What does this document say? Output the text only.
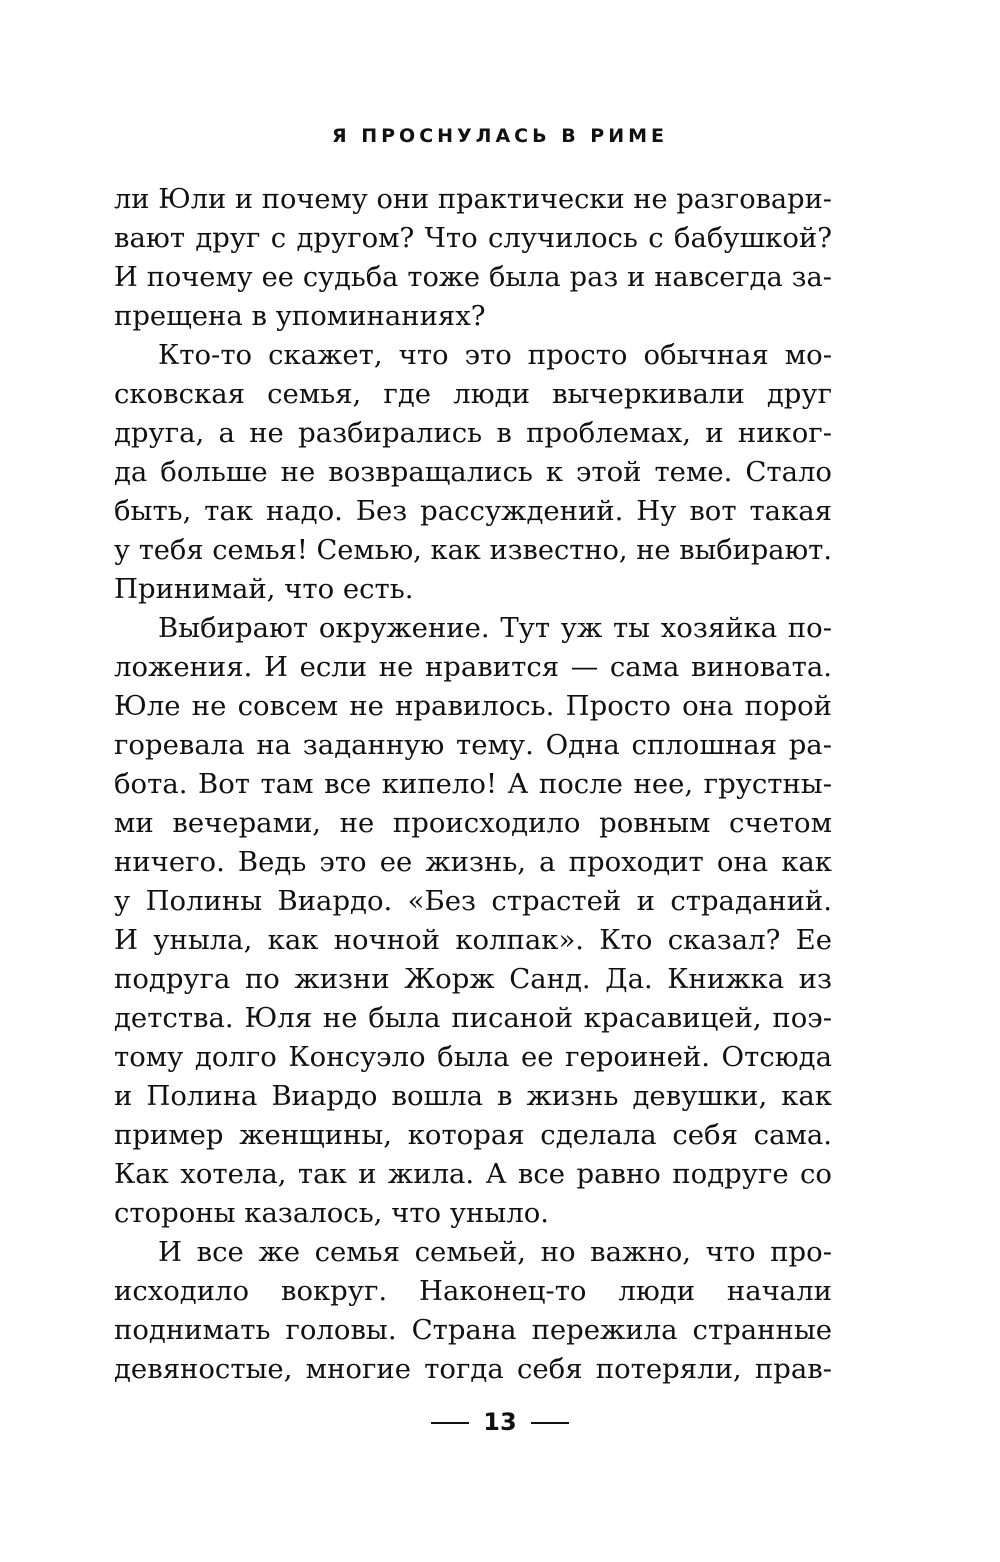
Я ПРОСНУЛАСЬ В РИМЕ
ли Юли и почему они практически не разговари-
вают друг с другом? Что случилось с бабушкой?
И почему ее судьба тоже была раз и навсегда за-
прещена в упоминаниях?
Кто-то скажет, что это просто обычная мо-
сковская семья, где люди вычеркивали друг
друга, а не разбирались в проблемах, и никог-
да больше не возвращались к этой теме. Стало
быть, так надо. Без рассуждений. Ну вот такая
у тебя семья! Семью, как известно, не выбирают.
Принимай, что есть.
Выбирают окружение. Тут уж ты хозяйка по-
ложения. И если не нравится — сама виновата.
Юле не совсем не нравилось. Просто она порой
горевала на заданную тему. Одна сплошная ра-
бота. Вот там все кипело! А после нее, грустны-
ми вечерами, не происходило ровным счетом
ничего. Ведь это ее жизнь, а проходит она как
у Полины Виардо. «Без страстей и страданий.
И уныла, как ночной колпак». Кто сказал? Ее
подруга по жизни Жорж Санд. Да. Книжка из
детства. Юля не была писаной красавицей, поэ-
тому долго Консуэло была ее героиней. Отсюда
и Полина Виардо вошла в жизнь девушки, как
пример женщины, которая сделала себя сама.
Как хотела, так и жила. А все равно подруге со
стороны казалось, что уныло.
И все же семья семьей, но важно, что про-
исходило вокруг. Наконец-то люди начали
поднимать головы. Страна пережила странные
девяностые, многие тогда себя потеряли, прав-
13
